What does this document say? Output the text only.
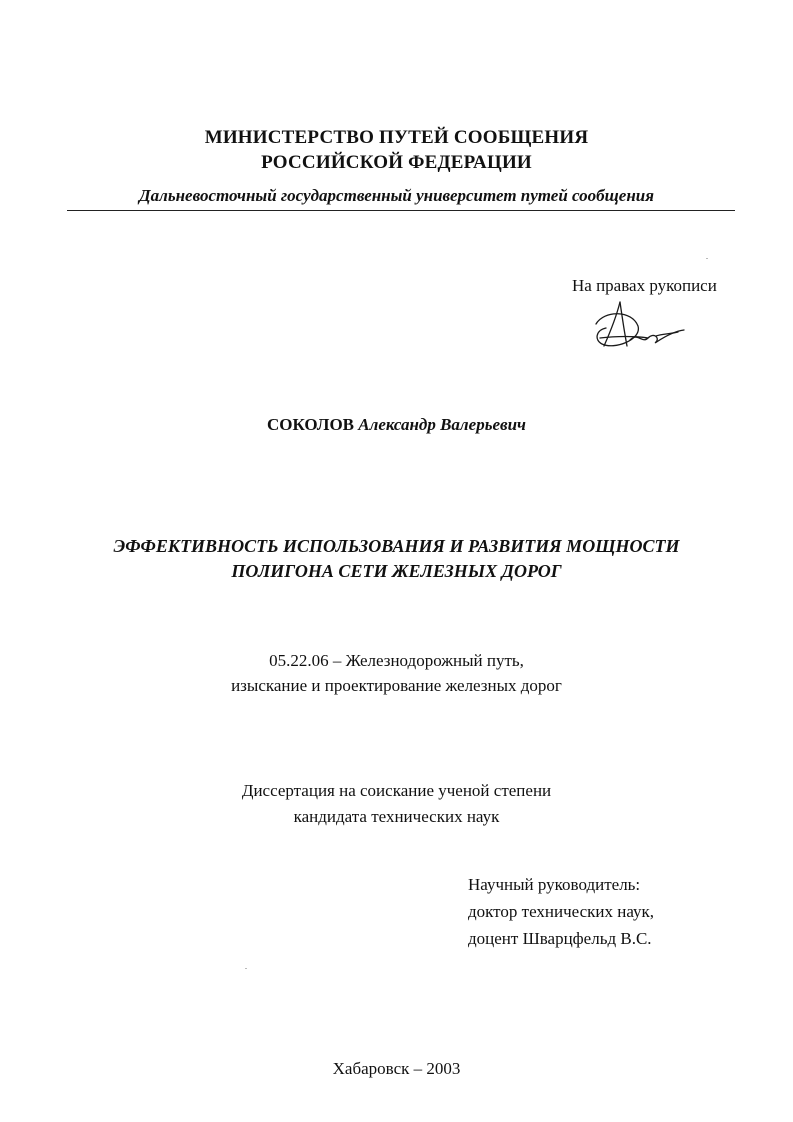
МИНИСТЕРСТВО ПУТЕЙ СООБЩЕНИЯ
РОССИЙСКОЙ ФЕДЕРАЦИИ
Дальневосточный государственный университет путей сообщения
На правах рукописи
СОКОЛОВ Александр Валерьевич
ЭФФЕКТИВНОСТЬ ИСПОЛЬЗОВАНИЯ И РАЗВИТИЯ МОЩНОСТИ
ПОЛИГОНА СЕТИ ЖЕЛЕЗНЫХ ДОРОГ
05.22.06 – Железнодорожный путь,
изыскание и проектирование железных дорог
Диссертация на соискание ученой степени
кандидата технических наук
Научный руководитель:
доктор технических наук,
доцент Шварцфельд В.С.
Хабаровск – 2003
